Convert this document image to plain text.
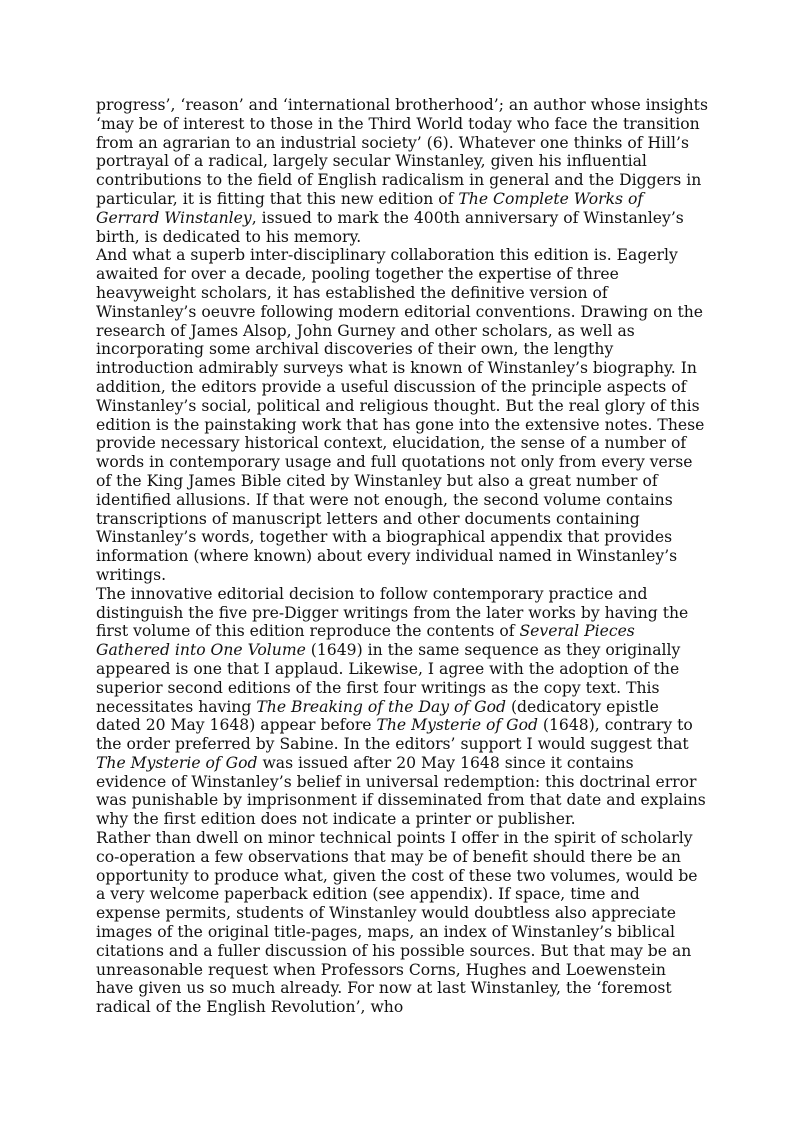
progress’, ‘reason’ and ‘international brotherhood’; an author whose insights ‘may be of interest to those in the Third World today who face the transition from an agrarian to an industrial society’ (6). Whatever one thinks of Hill’s portrayal of a radical, largely secular Winstanley, given his influential contributions to the field of English radicalism in general and the Diggers in particular, it is fitting that this new edition of The Complete Works of Gerrard Winstanley, issued to mark the 400th anniversary of Winstanley’s birth, is dedicated to his memory.

And what a superb inter-disciplinary collaboration this edition is. Eagerly awaited for over a decade, pooling together the expertise of three heavyweight scholars, it has established the definitive version of Winstanley’s oeuvre following modern editorial conventions. Drawing on the research of James Alsop, John Gurney and other scholars, as well as incorporating some archival discoveries of their own, the lengthy introduction admirably surveys what is known of Winstanley’s biography. In addition, the editors provide a useful discussion of the principle aspects of Winstanley’s social, political and religious thought. But the real glory of this edition is the painstaking work that has gone into the extensive notes. These provide necessary historical context, elucidation, the sense of a number of words in contemporary usage and full quotations not only from every verse of the King James Bible cited by Winstanley but also a great number of identified allusions. If that were not enough, the second volume contains transcriptions of manuscript letters and other documents containing Winstanley’s words, together with a biographical appendix that provides information (where known) about every individual named in Winstanley’s writings.

The innovative editorial decision to follow contemporary practice and distinguish the five pre-Digger writings from the later works by having the first volume of this edition reproduce the contents of Several Pieces Gathered into One Volume (1649) in the same sequence as they originally appeared is one that I applaud. Likewise, I agree with the adoption of the superior second editions of the first four writings as the copy text. This necessitates having The Breaking of the Day of God (dedicatory epistle dated 20 May 1648) appear before The Mysterie of God (1648), contrary to the order preferred by Sabine. In the editors’ support I would suggest that The Mysterie of God was issued after 20 May 1648 since it contains evidence of Winstanley’s belief in universal redemption: this doctrinal error was punishable by imprisonment if disseminated from that date and explains why the first edition does not indicate a printer or publisher.

Rather than dwell on minor technical points I offer in the spirit of scholarly co-operation a few observations that may be of benefit should there be an opportunity to produce what, given the cost of these two volumes, would be a very welcome paperback edition (see appendix). If space, time and expense permits, students of Winstanley would doubtless also appreciate images of the original title-pages, maps, an index of Winstanley’s biblical citations and a fuller discussion of his possible sources. But that may be an unreasonable request when Professors Corns, Hughes and Loewenstein have given us so much already. For now at last Winstanley, the ‘foremost radical of the English Revolution’, who
